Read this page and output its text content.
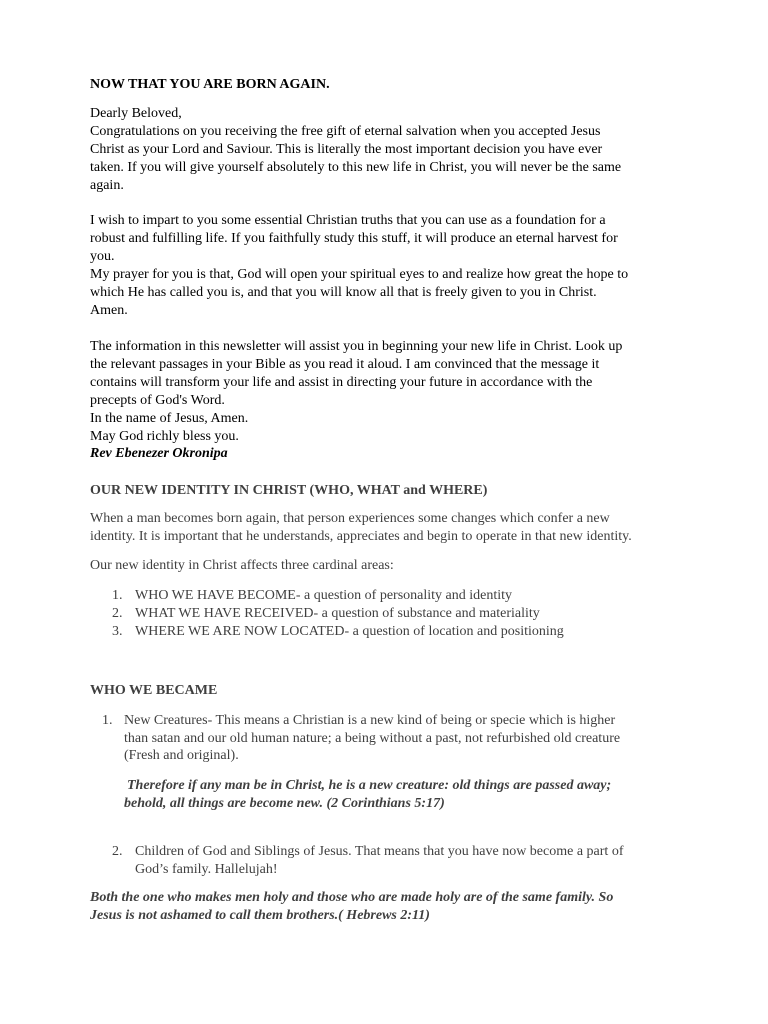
NOW THAT YOU ARE BORN AGAIN.
Dearly Beloved,
Congratulations on you receiving the free gift of eternal salvation when you accepted Jesus
Christ as your Lord and Saviour. This is literally the most important decision you have ever
taken. If you will give yourself absolutely to this new life in Christ, you will never be the same
again.
I wish to impart to you some essential Christian truths that you can use as a foundation for a
robust and fulfilling life. If you faithfully study this stuff, it will produce an eternal harvest for
you.
My prayer for you is that, God will open your spiritual eyes to and realize how great the hope to
which He has called you is, and that you will know all that is freely given to you in Christ.
Amen.
The information in this newsletter will assist you in beginning your new life in Christ. Look up
the relevant passages in your Bible as you read it aloud. I am convinced that the message it
contains will transform your life and assist in directing your future in accordance with the
precepts of God's Word.
In the name of Jesus, Amen.
May God richly bless you.
Rev Ebenezer Okronipa
OUR NEW IDENTITY IN CHRIST (WHO, WHAT and WHERE)
When a man becomes born again, that person experiences some changes which confer a new
identity. It is important that he understands, appreciates and begin to operate in that new identity.
Our new identity in Christ affects three cardinal areas:
1. WHO WE HAVE BECOME- a question of personality and identity
2. WHAT WE HAVE RECEIVED- a question of substance and materiality
3. WHERE WE ARE NOW LOCATED- a question of location and positioning
WHO WE BECAME
1. New Creatures- This means a Christian is a new kind of being or specie which is higher
than satan and our old human nature; a being without a past, not refurbished old creature
(Fresh and original).
Therefore if any man be in Christ, he is a new creature: old things are passed away;
behold, all things are become new. (2 Corinthians 5:17)
2. Children of God and Siblings of Jesus. That means that you have now become a part of
God’s family. Hallelujah!
Both the one who makes men holy and those who are made holy are of the same family. So
Jesus is not ashamed to call them brothers.( Hebrews 2:11)
